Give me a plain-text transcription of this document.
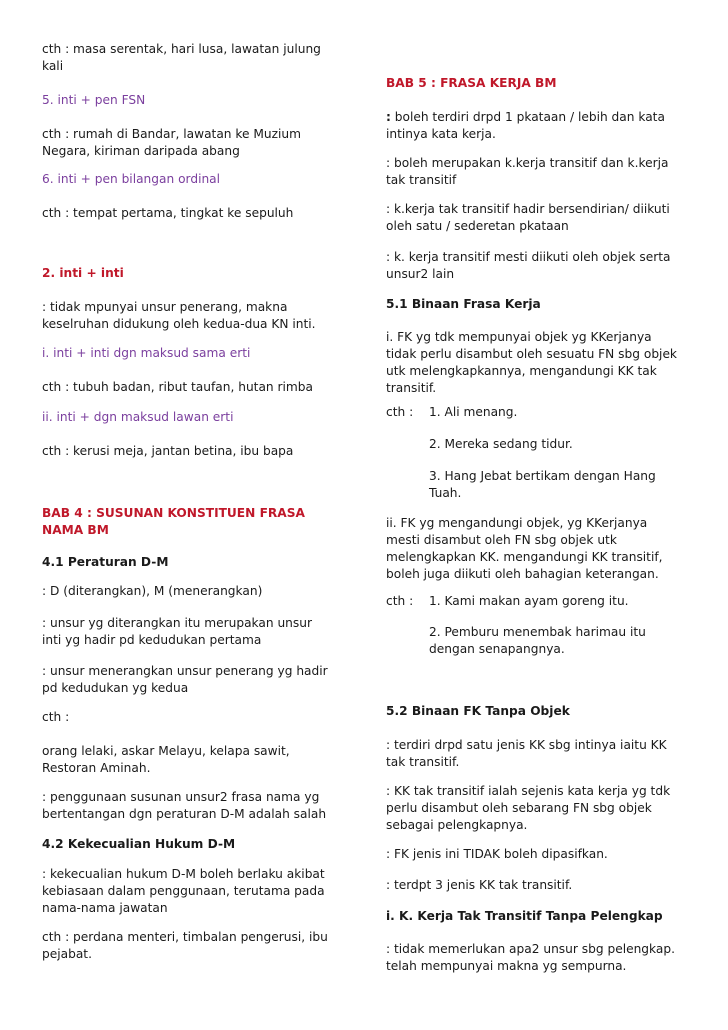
cth : masa serentak, hari lusa, lawatan julung
kali

5. inti + pen FSN

cth : rumah di Bandar, lawatan ke Muzium
Negara, kiriman daripada abang

6. inti + pen bilangan ordinal

cth : tempat pertama, tingkat ke sepuluh

2. inti + inti

: tidak mpunyai unsur penerang, makna
keselruhan didukung oleh kedua-dua KN inti.

i. inti + inti dgn maksud sama erti

cth : tubuh badan, ribut taufan, hutan rimba

ii. inti + dgn maksud lawan erti

cth : kerusi meja, jantan betina, ibu bapa

BAB 4 : SUSUNAN KONSTITUEN FRASA
NAMA BM

4.1 Peraturan D-M

: D (diterangkan), M (menerangkan)

: unsur yg diterangkan itu merupakan unsur
inti yg hadir pd kedudukan pertama

: unsur menerangkan unsur penerang yg hadir
pd kedudukan yg kedua

cth :

orang lelaki, askar Melayu, kelapa sawit,
Restoran Aminah.

: penggunaan susunan unsur2 frasa nama yg
bertentangan dgn peraturan D-M adalah salah

4.2 Kekecualian Hukum D-M

: kekecualian hukum D-M boleh berlaku akibat
kebiasaan dalam penggunaan, terutama pada
nama-nama jawatan

cth : perdana menteri, timbalan pengerusi, ibu
pejabat.

BAB 5 : FRASA KERJA BM

: boleh terdiri drpd 1 pkataan / lebih dan kata
intinya kata kerja.

: boleh merupakan k.kerja transitif dan k.kerja
tak transitif

: k.kerja tak transitif hadir bersendirian/ diikuti
oleh satu / sederetan pkataan

: k. kerja transitif mesti diikuti oleh objek serta
unsur2 lain

5.1 Binaan Frasa Kerja

i. FK yg tdk mempunyai objek yg KKerjanya
tidak perlu disambut oleh sesuatu FN sbg objek
utk melengkapkannya, mengandungi KK tak
transitif.

cth :	1. Ali menang.
2. Mereka sedang tidur.
3. Hang Jebat bertikam dengan Hang
Tuah.

ii. FK yg mengandungi objek, yg KKerjanya
mesti disambut oleh FN sbg objek utk
melengkapkan KK. mengandungi KK transitif,
boleh juga diikuti oleh bahagian keterangan.

cth :	1. Kami makan ayam goreng itu.
2. Pemburu menembak harimau itu
dengan senapangnya.

5.2 Binaan FK Tanpa Objek

: terdiri drpd satu jenis KK sbg intinya iaitu KK
tak transitif.

: KK tak transitif ialah sejenis kata kerja yg tdk
perlu disambut oleh sebarang FN sbg objek
sebagai pelengkapnya.

: FK jenis ini TIDAK boleh dipasifkan.

: terdpt 3 jenis KK tak transitif.

i. K. Kerja Tak Transitif Tanpa Pelengkap

: tidak memerlukan apa2 unsur sbg pelengkap.
telah mempunyai makna yg sempurna.
